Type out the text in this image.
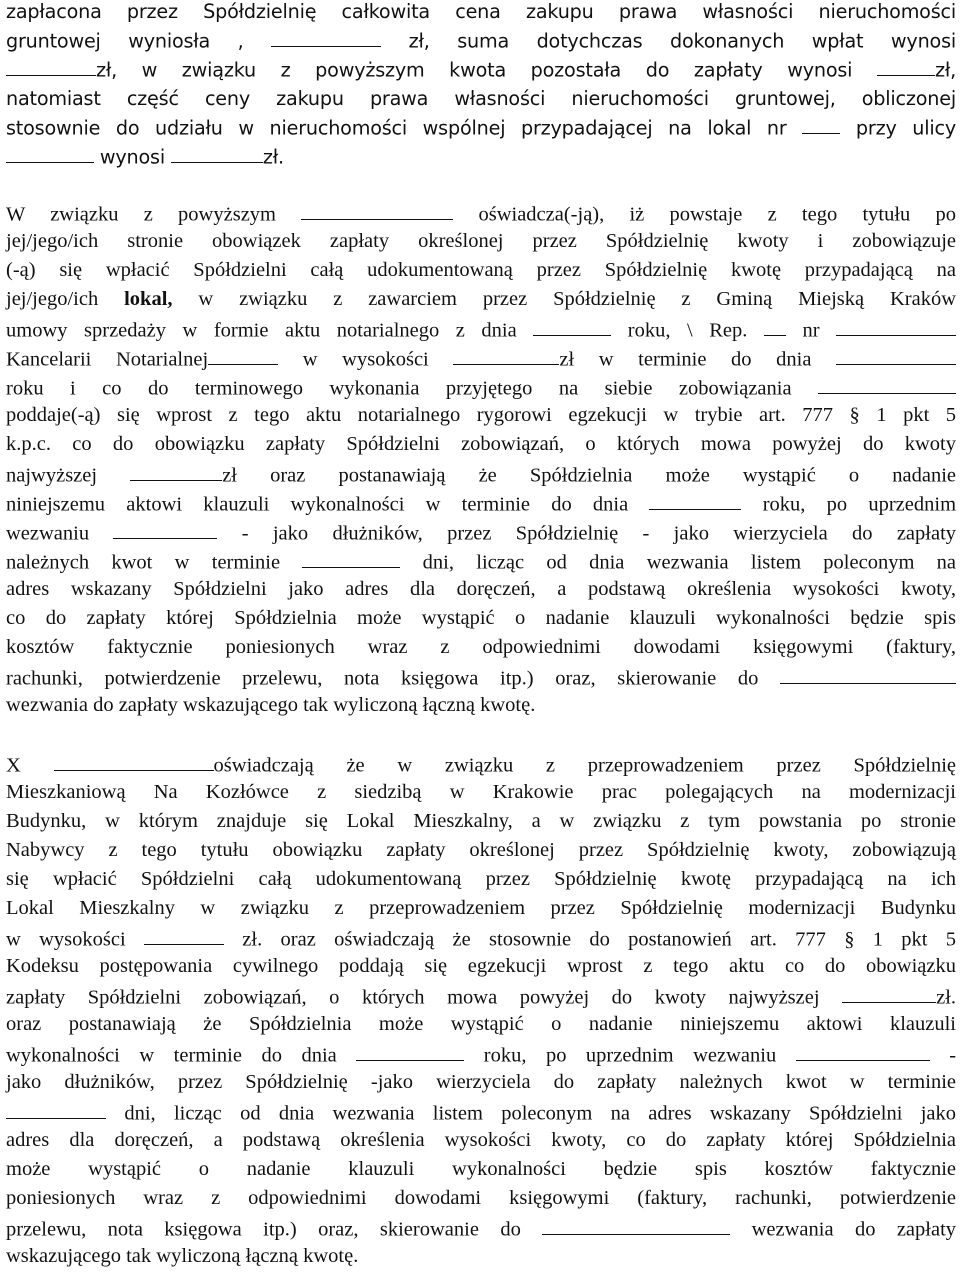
zapłacona przez Spółdzielnię całkowita cena zakupu prawa własności nieruchomości
gruntowej wyniosła ,	zł, suma dotychczas dokonanych wpłat wynosi
zł, w związku z powyższym kwota pozostała do zapłaty wynosi	zł,
natomiast część ceny zakupu prawa własności nieruchomości gruntowej, obliczonej
stosownie do udziału w nieruchomości wspólnej przypadającej na lokal nr	przy ulicy
wynosi	zł.
W związku z powyższym	oświadcza(-ją), iż powstaje z tego tytułu po
jej/jego/ich stronie obowiązek zapłaty określonej przez Spółdzielnię kwoty i zobowiązuje
(-ą) się wpłacić Spółdzielni całą udokumentowaną przez Spółdzielnię kwotę przypadającą na
jej/jego/ich lokal, w związku z zawarciem przez Spółdzielnię z Gminą Miejską Kraków
umowy sprzedaży w formie aktu notarialnego z dnia	roku, \ Rep.	nr
Kancelarii Notarialnej	w wysokości	zł w terminie do dnia
roku i co do terminowego wykonania przyjętego na siebie zobowiązania
poddaje(-ą) się wprost z tego aktu notarialnego rygorowi egzekucji w trybie art. 777 § 1 pkt 5
k.p.c. co do obowiązku zapłaty Spółdzielni zobowiązań, o których mowa powyżej do kwoty
najwyższej	zł oraz postanawiają że Spółdzielnia może wystąpić o nadanie
niniejszemu aktowi klauzuli wykonalności w terminie do dnia	roku, po uprzednim
wezwaniu	- jako dłużników, przez Spółdzielnię - jako wierzyciela do zapłaty
należnych kwot w terminie	dni, licząc od dnia wezwania listem poleconym na
adres wskazany Spółdzielni jako adres dla doręczeń, a podstawą określenia wysokości kwoty,
co do zapłaty której Spółdzielnia może wystąpić o nadanie klauzuli wykonalności będzie spis
kosztów faktycznie poniesionych wraz z odpowiednimi dowodami księgowymi (faktury,
rachunki, potwierdzenie przelewu, nota księgowa itp.) oraz, skierowanie do
wezwania do zapłaty wskazującego tak wyliczoną łączną kwotę.
X	oświadczają że w związku z przeprowadzeniem przez Spółdzielnię
Mieszkaniową Na Kozłówce z siedzibą w Krakowie prac polegających na modernizacji
Budynku, w którym znajduje się Lokal Mieszkalny, a w związku z tym powstania po stronie
Nabywcy z tego tytułu obowiązku zapłaty określonej przez Spółdzielnię kwoty, zobowiązują
się wpłacić Spółdzielni całą udokumentowaną przez Spółdzielnię kwotę przypadającą na ich
Lokal Mieszkalny w związku z przeprowadzeniem przez Spółdzielnię modernizacji Budynku
w wysokości	zł. oraz oświadczają że stosownie do postanowień art. 777 § 1 pkt 5
Kodeksu postępowania cywilnego poddają się egzekucji wprost z tego aktu co do obowiązku
zapłaty Spółdzielni zobowiązań, o których mowa powyżej do kwoty najwyższej	zł.
oraz postanawiają że Spółdzielnia może wystąpić o nadanie niniejszemu aktowi klauzuli
wykonalności w terminie do dnia	roku, po uprzednim wezwaniu	-
jako dłużników, przez Spółdzielnię -jako wierzyciela do zapłaty należnych kwot w terminie
dni, licząc od dnia wezwania listem poleconym na adres wskazany Spółdzielni jako
adres dla doręczeń, a podstawą określenia wysokości kwoty, co do zapłaty której Spółdzielnia
może wystąpić o nadanie klauzuli wykonalności będzie spis kosztów faktycznie
poniesionych wraz z odpowiednimi dowodami księgowymi (faktury, rachunki, potwierdzenie
przelewu, nota księgowa itp.) oraz, skierowanie do	wezwania do zapłaty
wskazującego tak wyliczoną łączną kwotę.
